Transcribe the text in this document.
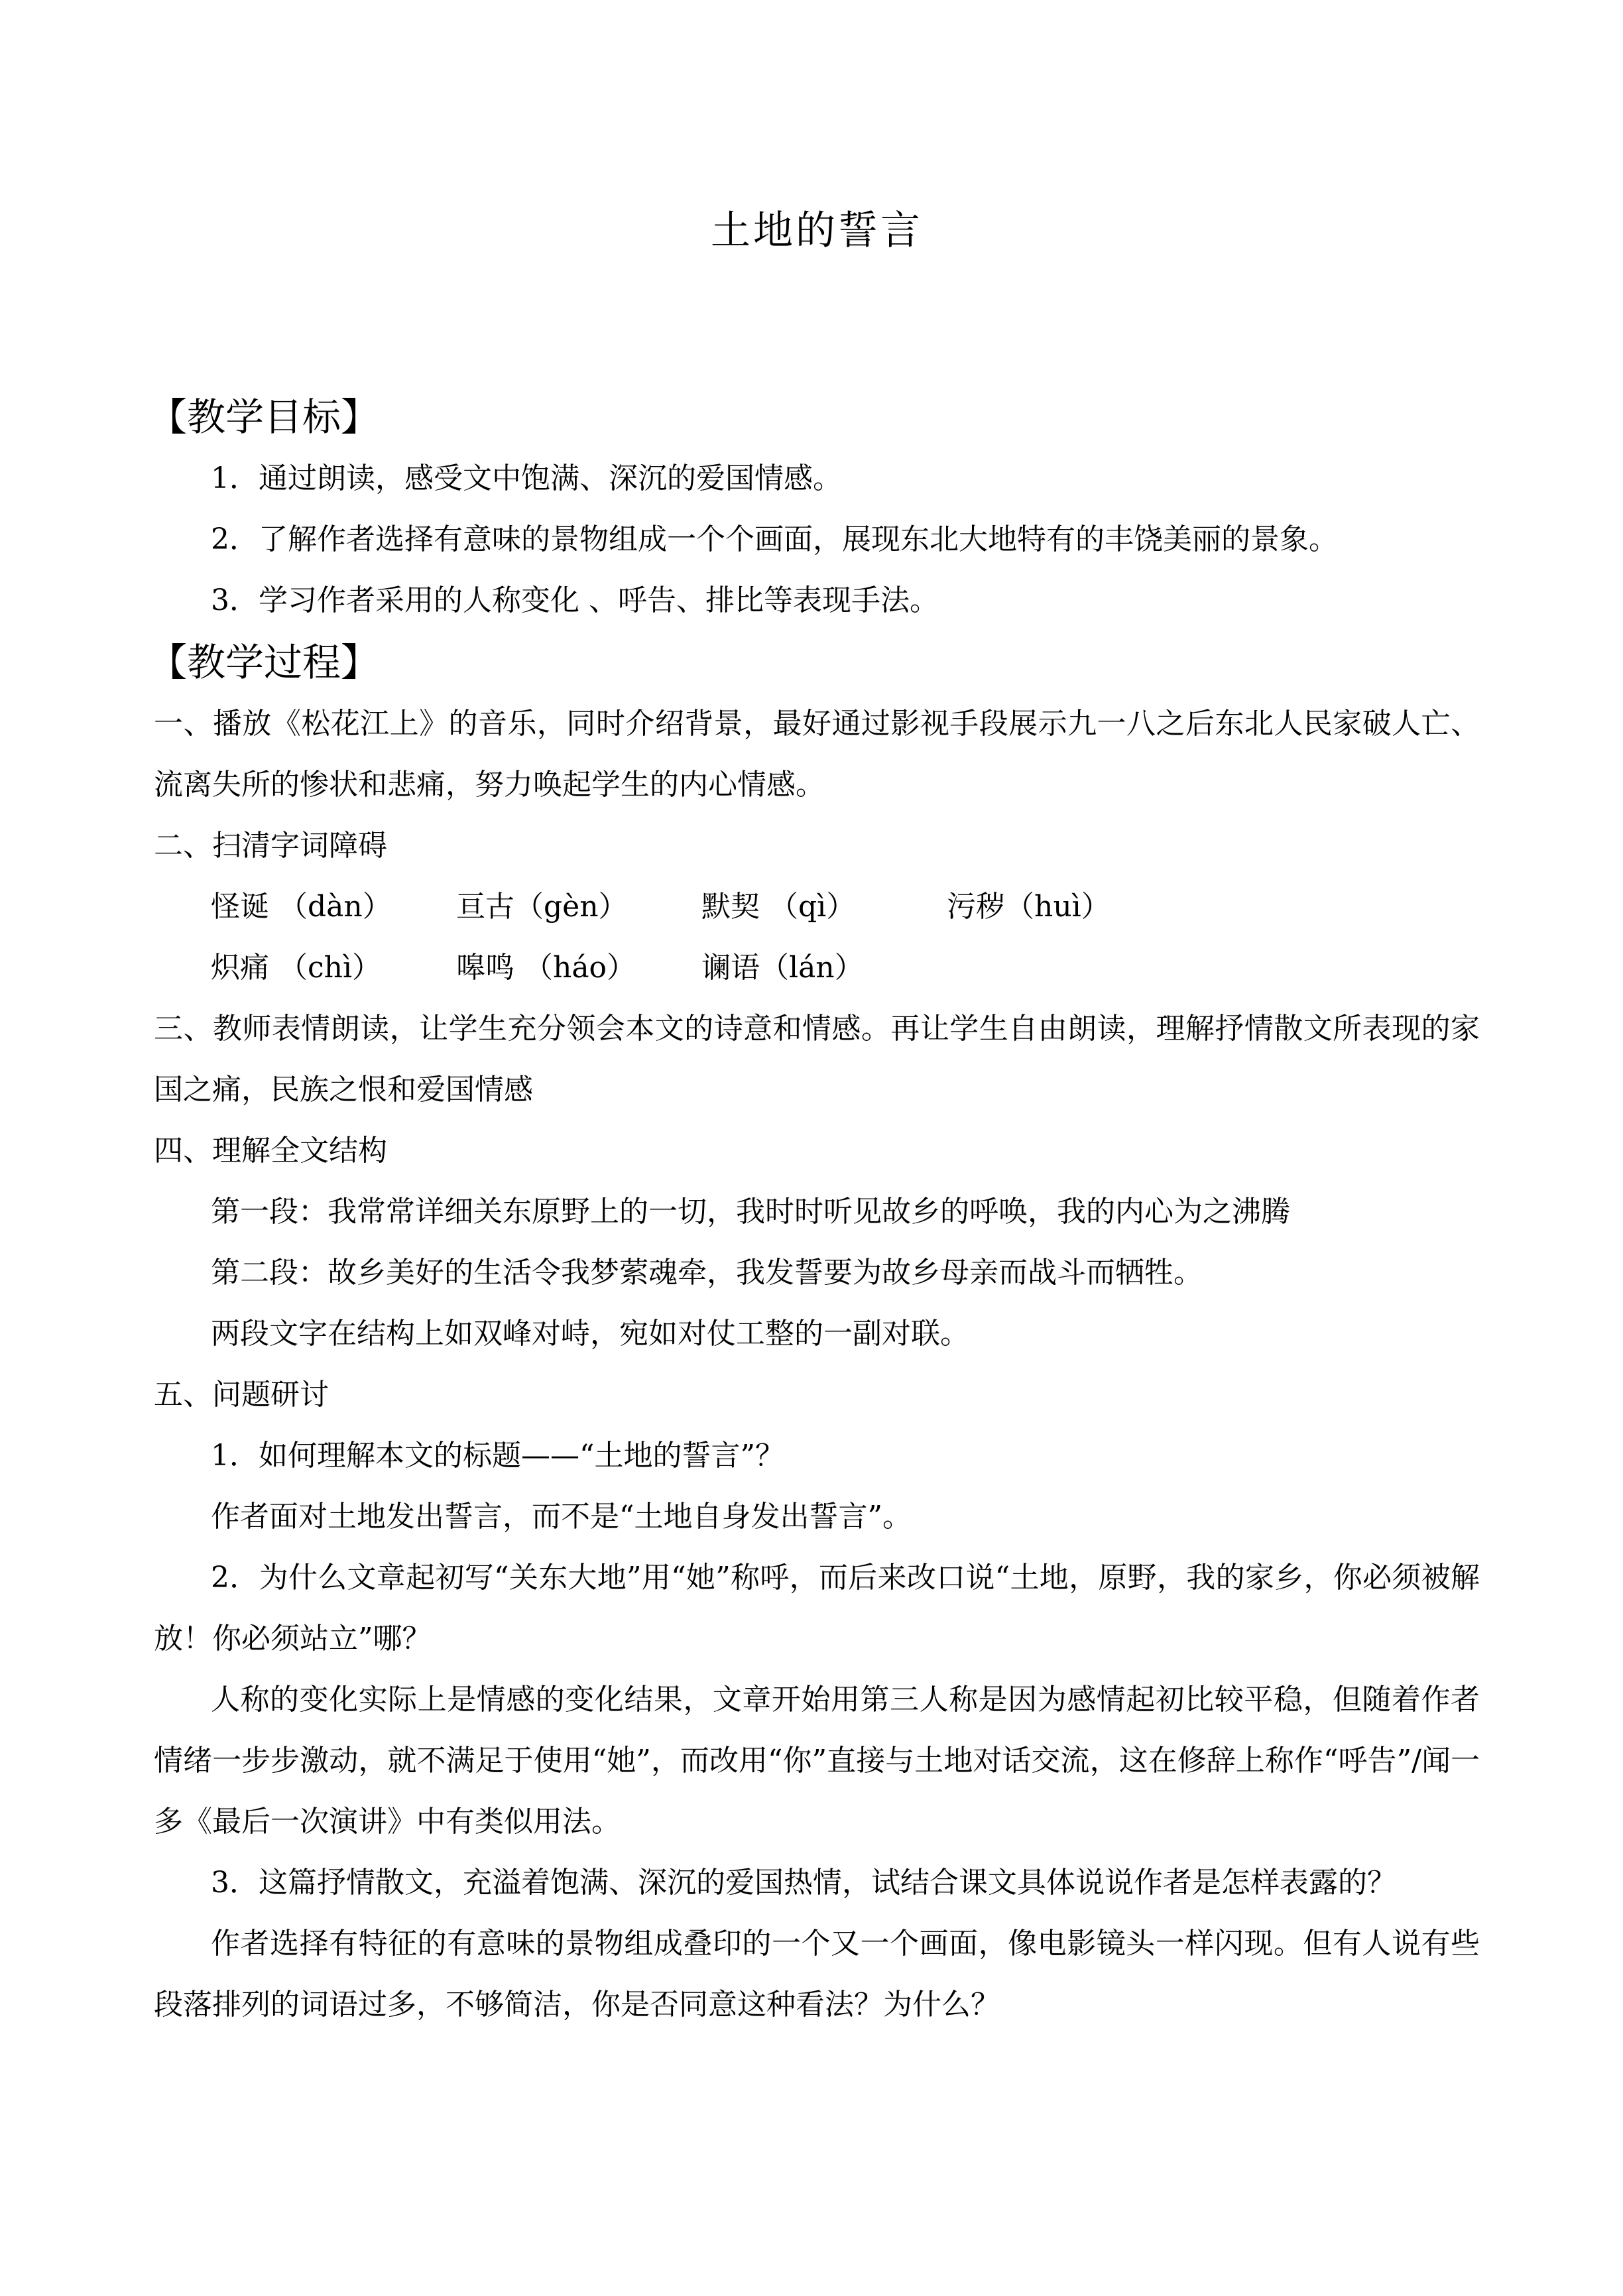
土地的誓言
【教学目标】
1．通过朗读，感受文中饱满、深沉的爱国情感。
2．了解作者选择有意味的景物组成一个个画面，展现东北大地特有的丰饶美丽的景象。
3．学习作者采用的人称变化 、呼告、排比等表现手法。
【教学过程】
一、播放《松花江上》的音乐，同时介绍背景，最好通过影视手段展示九一八之后东北人民家破人亡、流离失所的惨状和悲痛，努力唤起学生的内心情感。
二、扫清字词障碍
怪诞 （dàn） 亘古（gèn）	默契 （qì）	污秽（huì）
炽痛 （chì）	嗥鸣 （háo） 谰语（lán）
三、教师表情朗读，让学生充分领会本文的诗意和情感。再让学生自由朗读，理解抒情散文所表现的家国之痛，民族之恨和爱国情感
四、理解全文结构
第一段：我常常详细关东原野上的一切，我时时听见故乡的呼唤，我的内心为之沸腾
第二段：故乡美好的生活令我梦萦魂牵，我发誓要为故乡母亲而战斗而牺牲。
两段文字在结构上如双峰对峙，宛如对仗工整的一副对联。
五、问题研讨
1．如何理解本文的标题——“土地的誓言”？
作者面对土地发出誓言，而不是“土地自身发出誓言”。
2．为什么文章起初写“关东大地”用“她”称呼，而后来改口说“土地，原野，我的家乡，你必须被解放！你必须站立”哪？
人称的变化实际上是情感的变化结果，文章开始用第三人称是因为感情起初比较平稳，但随着作者情绪一步步激动，就不满足于使用“她”，而改用“你”直接与土地对话交流，这在修辞上称作“呼告”/闻一多《最后一次演讲》中有类似用法。
3．这篇抒情散文，充溢着饱满、深沉的爱国热情，试结合课文具体说说作者是怎样表露的？
作者选择有特征的有意味的景物组成叠印的一个又一个画面，像电影镜头一样闪现。但有人说有些段落排列的词语过多，不够简洁，你是否同意这种看法？为什么？
